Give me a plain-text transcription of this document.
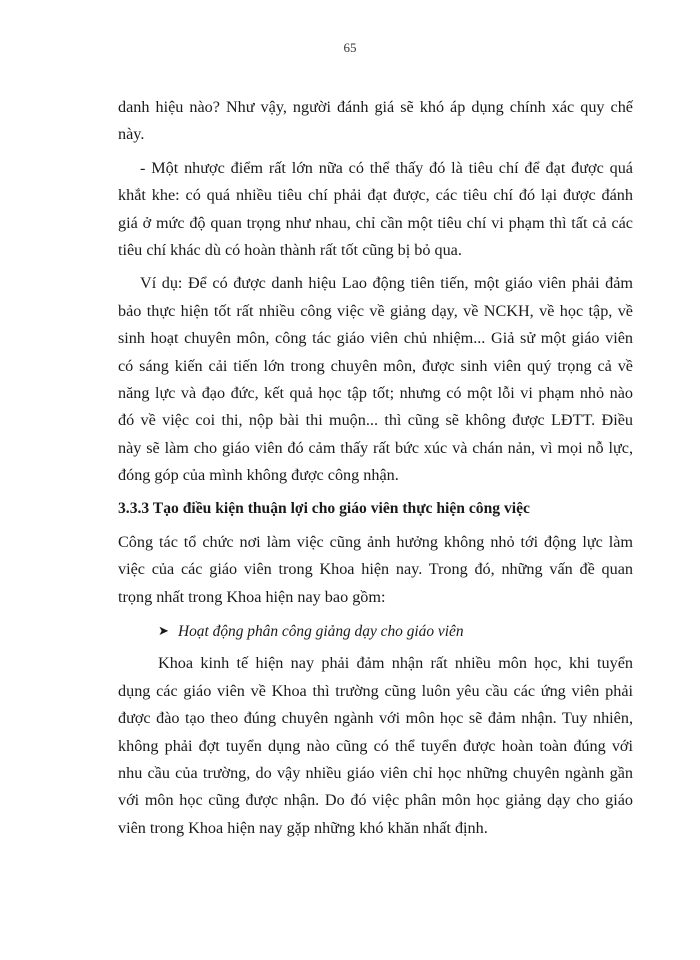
65
danh hiệu nào? Như vậy, người đánh giá sẽ khó áp dụng chính xác quy chế
này.
- Một nhược điểm rất lớn nữa có thể thấy đó là tiêu chí để đạt được quá
khắt khe: có quá nhiều tiêu chí phải đạt được, các tiêu chí đó lại được đánh
giá ở mức độ quan trọng như nhau, chỉ cần một tiêu chí vi phạm thì tất cả các
tiêu chí khác dù có hoàn thành rất tốt cũng bị bỏ qua.
Ví dụ: Để có được danh hiệu Lao động tiên tiến, một giáo viên phải đảm
bảo thực hiện tốt rất nhiều công việc về giảng dạy, về NCKH, về học tập, về
sinh hoạt chuyên môn, công tác giáo viên chủ nhiệm... Giả sử một giáo viên
có sáng kiến cải tiến lớn trong chuyên môn, được sinh viên quý trọng cả về
năng lực và đạo đức, kết quả học tập tốt; nhưng có một lỗi vi phạm nhỏ nào
đó về việc coi thi, nộp bài thi muộn... thì cũng sẽ không được LĐTT. Điều
này sẽ làm cho giáo viên đó cảm thấy rất bức xúc và chán nản, vì mọi nỗ lực,
đóng góp của mình không được công nhận.
3.3.3 Tạo điều kiện thuận lợi cho giáo viên thực hiện công việc
Công tác tổ chức nơi làm việc cũng ảnh hưởng không nhỏ tới động lực làm
việc của các giáo viên trong Khoa hiện nay. Trong đó, những vấn đề quan
trọng nhất trong Khoa hiện nay bao gồm:
➤ Hoạt động phân công giảng dạy cho giáo viên
Khoa kinh tế hiện nay phải đảm nhận rất nhiều môn học, khi tuyển
dụng các giáo viên về Khoa thì trường cũng luôn yêu cầu các ứng viên phải
được đào tạo theo đúng chuyên ngành với môn học sẽ đảm nhận. Tuy nhiên,
không phải đợt tuyển dụng nào cũng có thể tuyển được hoàn toàn đúng với
nhu cầu của trường, do vậy nhiều giáo viên chỉ học những chuyên ngành gần
với môn học cũng được nhận. Do đó việc phân môn học giảng dạy cho giáo
viên trong Khoa hiện nay gặp những khó khăn nhất định.
